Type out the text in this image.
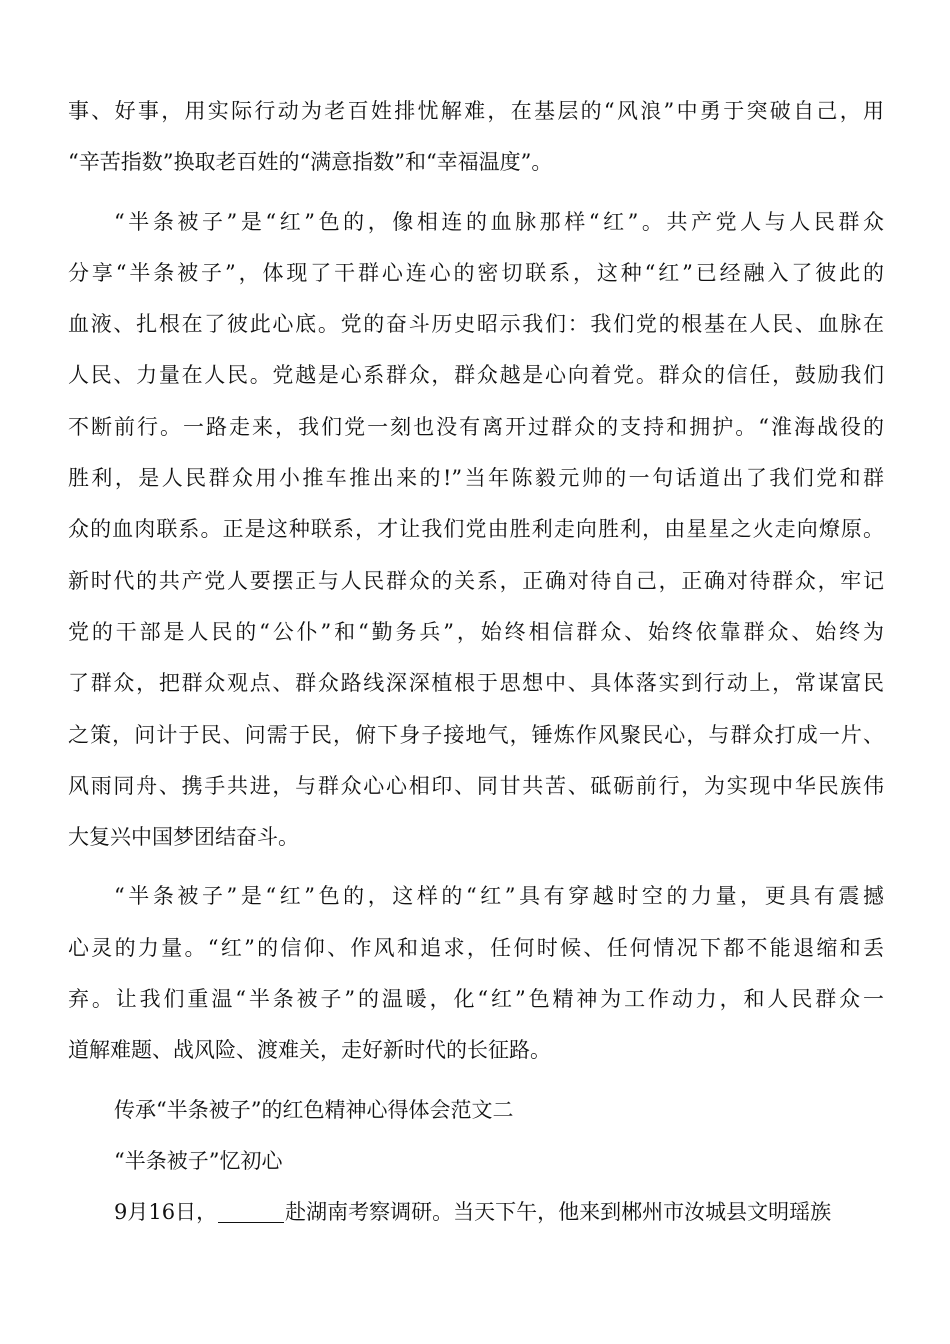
事、好事，用实际行动为老百姓排忧解难，在基层的“风浪”中勇于突破自己，用
“辛苦指数”换取老百姓的“满意指数”和“幸福温度”。
“半条被子”是“红”色的，像相连的血脉那样“红”。共产党人与人民群众
分享“半条被子”，体现了干群心连心的密切联系，这种“红”已经融入了彼此的
血液、扎根在了彼此心底。党的奋斗历史昭示我们：我们党的根基在人民、血脉在
人民、力量在人民。党越是心系群众，群众越是心向着党。群众的信任，鼓励我们
不断前行。一路走来，我们党一刻也没有离开过群众的支持和拥护。“淮海战役的
胜利，是人民群众用小推车推出来的!”当年陈毅元帅的一句话道出了我们党和群
众的血肉联系。正是这种联系，才让我们党由胜利走向胜利，由星星之火走向燎原。
新时代的共产党人要摆正与人民群众的关系，正确对待自己，正确对待群众，牢记
党的干部是人民的“公仆”和“勤务兵”，始终相信群众、始终依靠群众、始终为
了群众，把群众观点、群众路线深深植根于思想中、具体落实到行动上，常谋富民
之策，问计于民、问需于民，俯下身子接地气，锤炼作风聚民心，与群众打成一片、
风雨同舟、携手共进，与群众心心相印、同甘共苦、砥砺前行，为实现中华民族伟
大复兴中国梦团结奋斗。
“半条被子”是“红”色的，这样的“红”具有穿越时空的力量，更具有震撼
心灵的力量。“红”的信仰、作风和追求，任何时候、任何情况下都不能退缩和丢
弃。让我们重温“半条被子”的温暖，化“红”色精神为工作动力，和人民群众一
道解难题、战风险、渡难关，走好新时代的长征路。
传承“半条被子”的红色精神心得体会范文二
“半条被子”忆初心
9月16日，	赴湖南考察调研。当天下午，他来到郴州市汝城县文明瑶族
